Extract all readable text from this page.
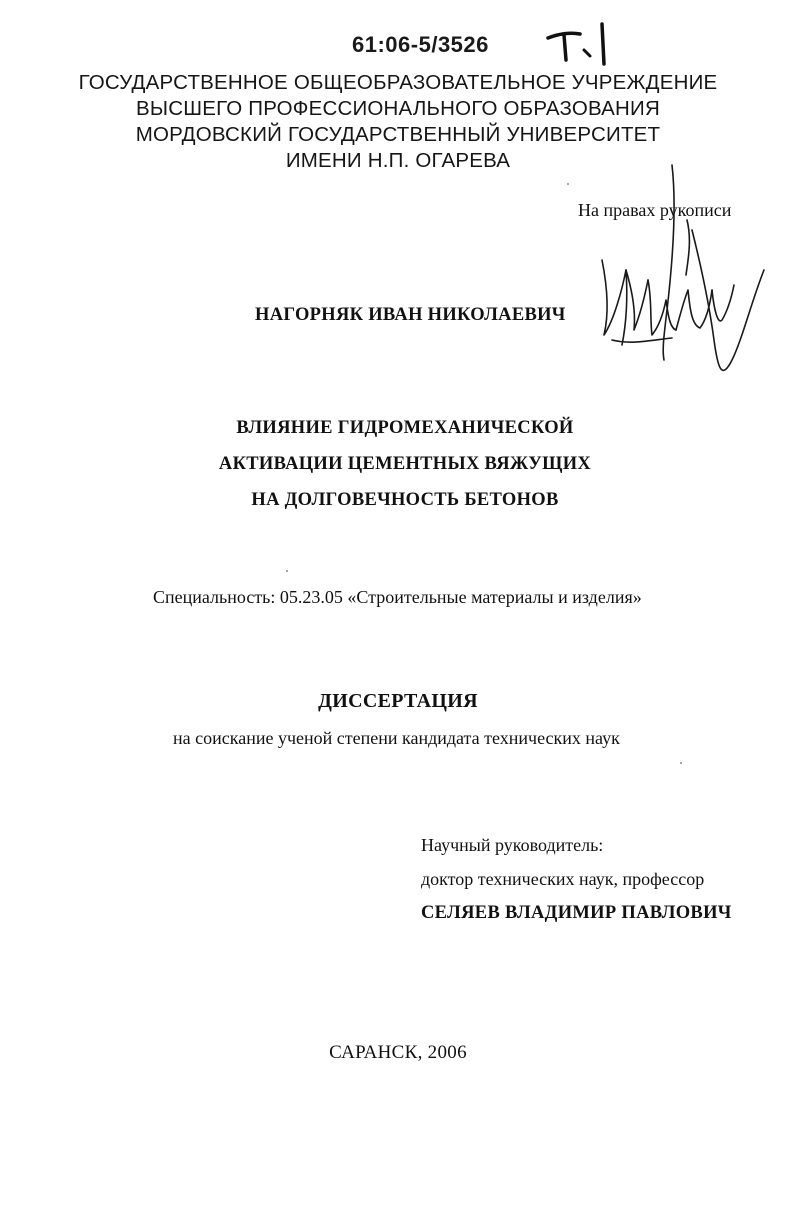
61:06-5/3526
ГОСУДАРСТВЕННОЕ ОБЩЕОБРАЗОВАТЕЛЬНОЕ УЧРЕЖДЕНИЕ
ВЫСШЕГО ПРОФЕССИОНАЛЬНОГО ОБРАЗОВАНИЯ
МОРДОВСКИЙ ГОСУДАРСТВЕННЫЙ УНИВЕРСИТЕТ
ИМЕНИ Н.П. ОГАРЕВА
На правах рукописи
НАГОРНЯК ИВАН НИКОЛАЕВИЧ
ВЛИЯНИЕ ГИДРОМЕХАНИЧЕСКОЙ
АКТИВАЦИИ ЦЕМЕНТНЫХ ВЯЖУЩИХ
НА ДОЛГОВЕЧНОСТЬ БЕТОНОВ
Специальность: 05.23.05 «Строительные материалы и изделия»
ДИССЕРТАЦИЯ
на соискание ученой степени кандидата технических наук
Научный руководитель:
доктор технических наук, профессор
СЕЛЯЕВ ВЛАДИМИР ПАВЛОВИЧ
САРАНСК, 2006
